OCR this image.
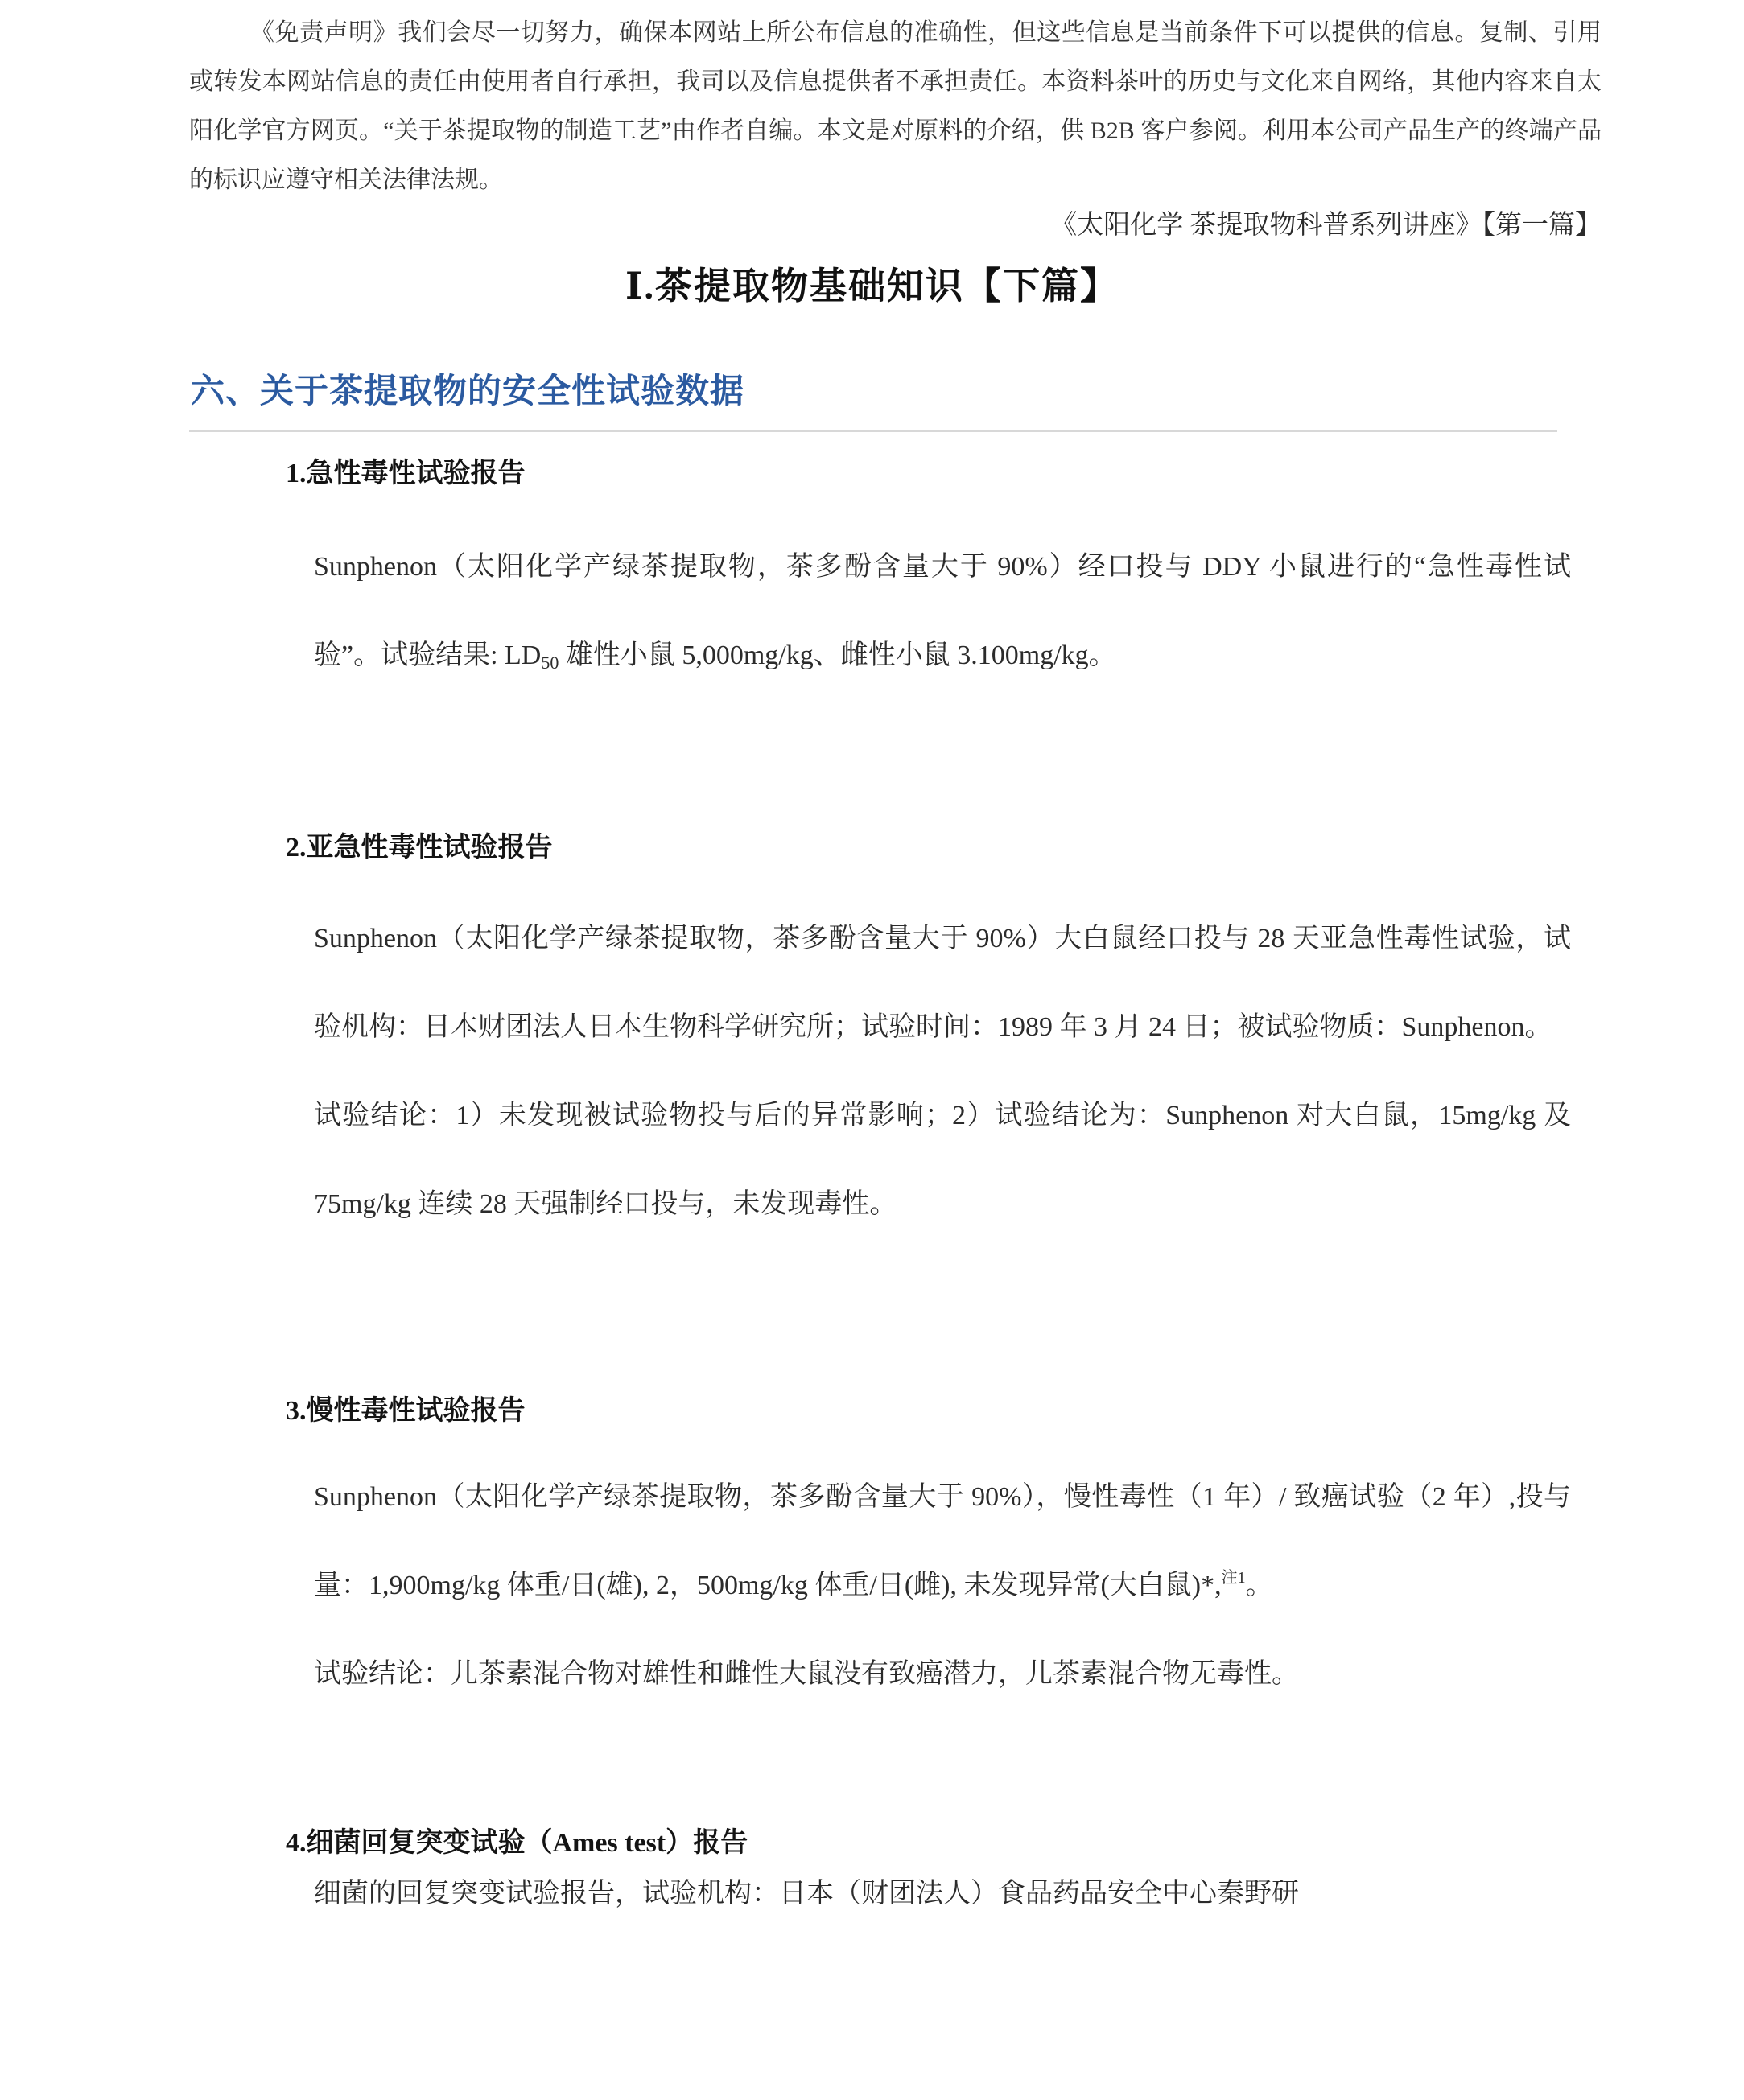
《免责声明》我们会尽一切努力，确保本网站上所公布信息的准确性，但这些信息是当前条件下可以提供的信息。复制、引用或转发本网站信息的责任由使用者自行承担，我司以及信息提供者不承担责任。本资料茶叶的历史与文化来自网络，其他内容来自太阳化学官方网页。“关于茶提取物的制造工艺”由作者自编。本文是对原料的介绍，供 B2B 客户参阅。利用本公司产品生产的终端产品的标识应遵守相关法律法规。

《太阳化学 茶提取物科普系列讲座》【第一篇】

Ⅰ.茶提取物基础知识【下篇】
六、关于茶提取物的安全性试验数据
1.急性毒性试验报告

Sunphenon（太阳化学产绿茶提取物，茶多酚含量大于 90%）经口投与 DDY 小鼠进行的“急性毒性试验”。试验结果: $LD_{50}$ 雄性小鼠 5,000mg/kg、雌性小鼠 3.100mg/kg。

2.亚急性毒性试验报告

Sunphenon（太阳化学产绿茶提取物，茶多酚含量大于 90%）大白鼠经口投与 28 天亚急性毒性试验，试验机构：日本财团法人日本生物科学研究所；试验时间：1989 年 3 月 24 日；被试验物质：Sunphenon。

试验结论：1）未发现被试验物投与后的异常影响；2）试验结论为：Sunphenon 对大白鼠，15mg/kg 及 75mg/kg 连续 28 天强制经口投与，未发现毒性。

3.慢性毒性试验报告

Sunphenon（太阳化学产绿茶提取物，茶多酚含量大于 90%），慢性毒性（1 年）/ 致癌试验（2 年）,投与量：1,900mg/kg 体重/日(雄), 2，500mg/kg 体重/日(雌), 未发现异常(大白鼠)*,$^{注1}$。

试验结论：儿茶素混合物对雄性和雌性大鼠没有致癌潜力，儿茶素混合物无毒性。

4.细菌回复突变试验（Ames test）报告

细菌的回复突变试验报告，试验机构：日本（财团法人）食品药品安全中心秦野研
